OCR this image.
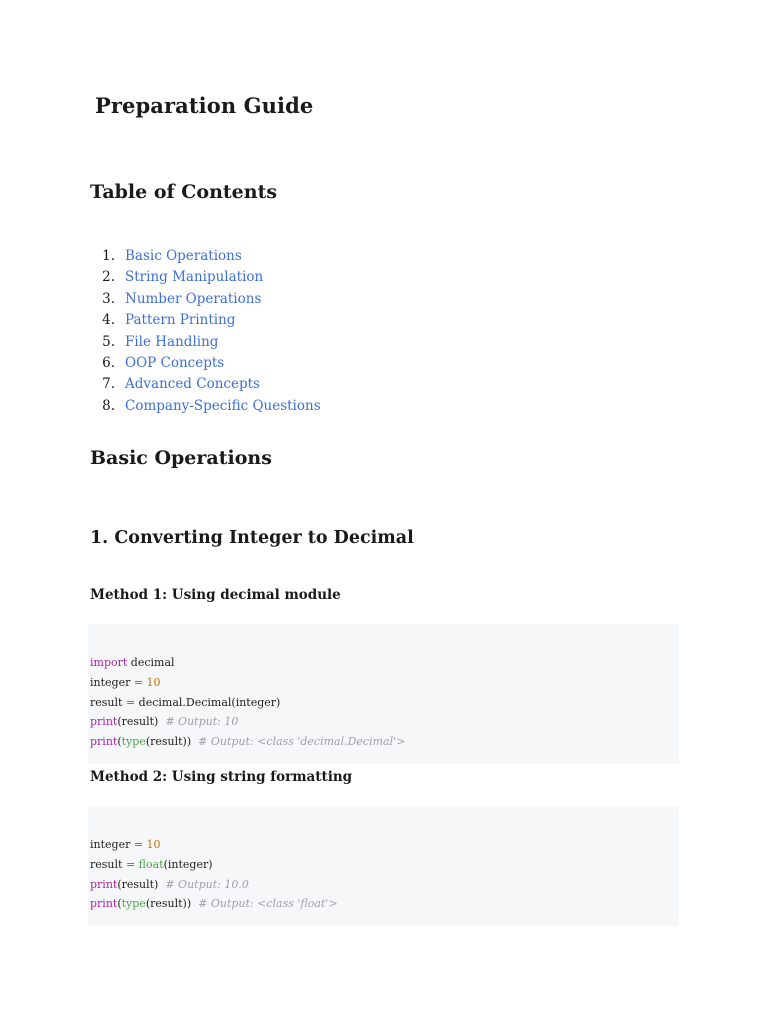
Preparation Guide
Table of Contents
1. Basic Operations
2. String Manipulation
3. Number Operations
4. Pattern Printing
5. File Handling
6. OOP Concepts
7. Advanced Concepts
8. Company-Specific Questions
Basic Operations
1. Converting Integer to Decimal
Method 1: Using decimal module
import decimal
integer = 10
result = decimal.Decimal(integer)
print(result)  # Output: 10
print(type(result))  # Output: <class 'decimal.Decimal'>
Method 2: Using string formatting
integer = 10
result = float(integer)
print(result)  # Output: 10.0
print(type(result))  # Output: <class 'float'>
